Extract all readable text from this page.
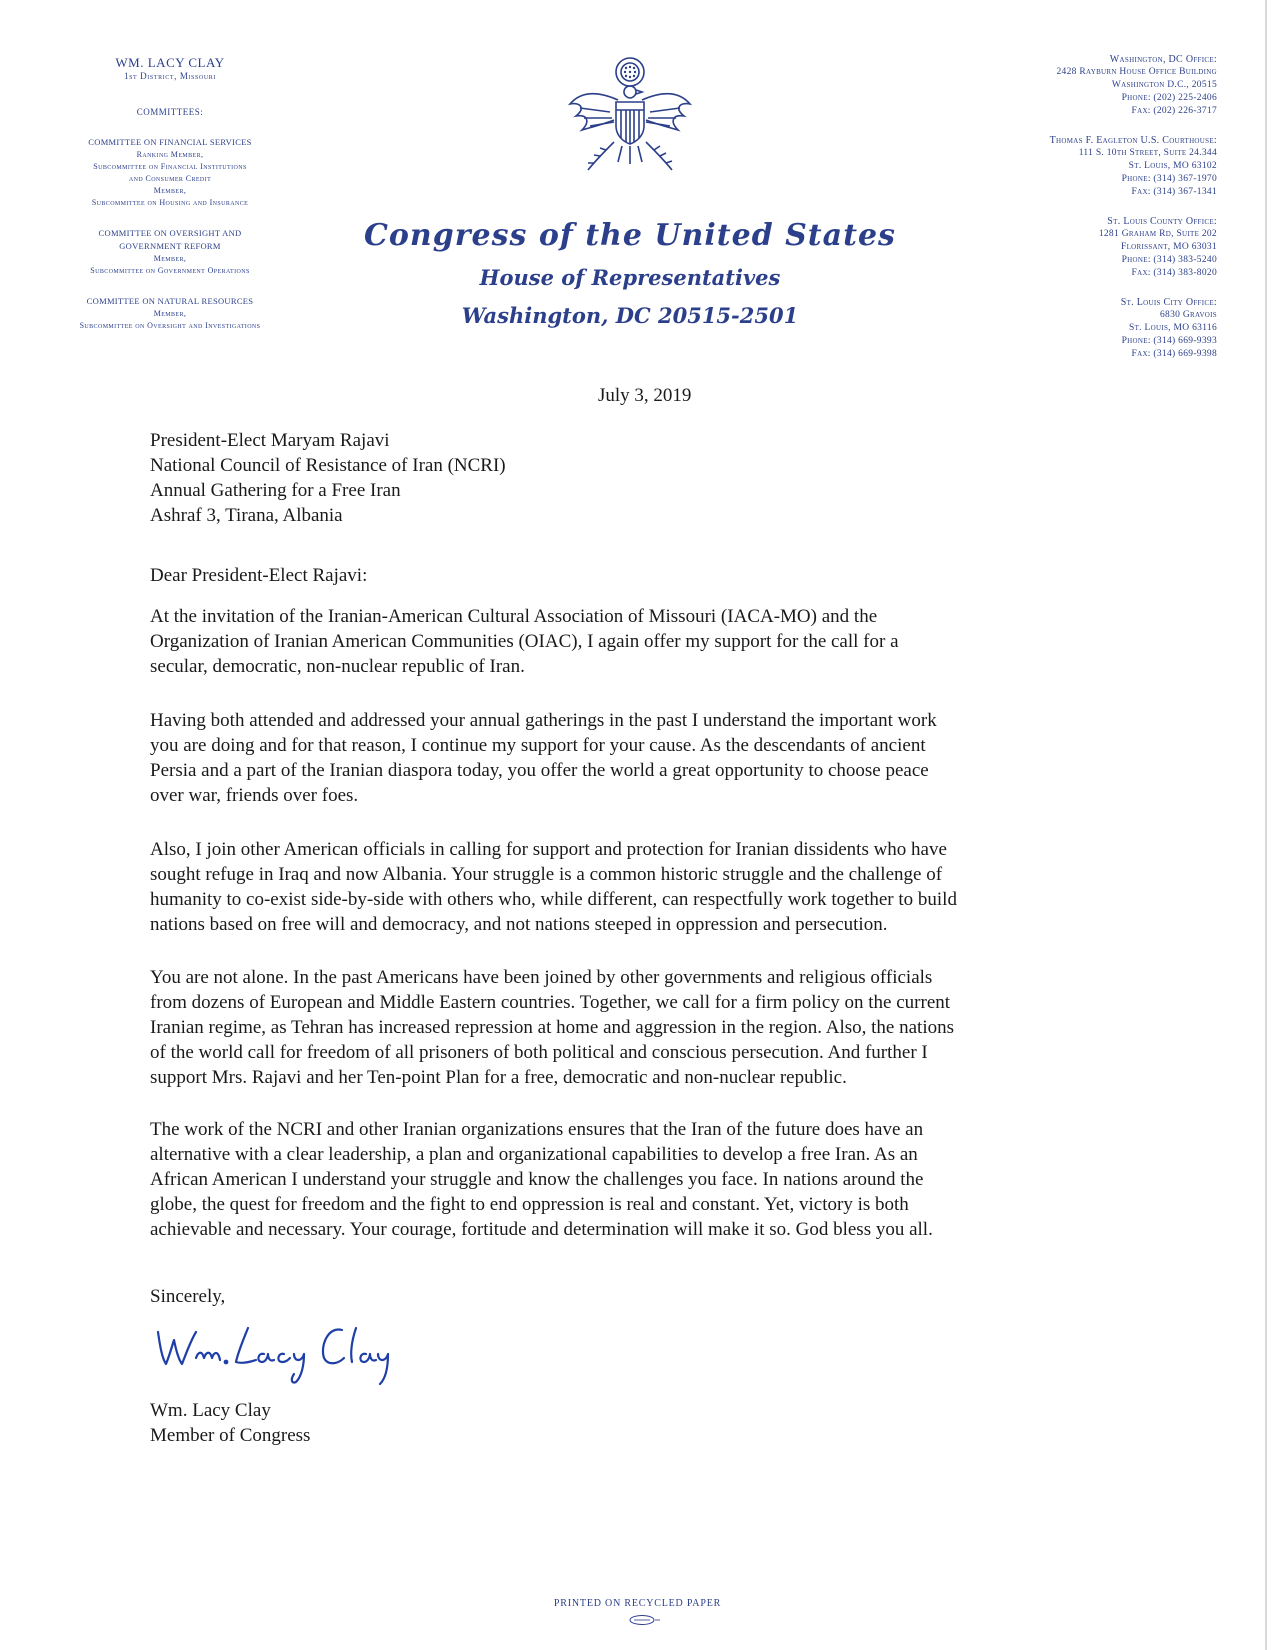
WM. LACY CLAY
1st District, Missouri
COMMITTEES:
COMMITTEE ON FINANCIAL SERVICES
Ranking Member,
Subcommittee on Financial Institutions
and Consumer Credit
Member,
Subcommittee on Housing and Insurance
COMMITTEE ON OVERSIGHT AND
GOVERNMENT REFORM
Member,
Subcommittee on Government Operations
COMMITTEE ON NATURAL RESOURCES
Member,
Subcommittee on Oversight and Investigations
Congress of the United States
House of Representatives
Washington, DC 20515-2501
Washington, DC Office:
2428 Rayburn House Office Building
Washington D.C., 20515
Phone: (202) 225-2406
Fax: (202) 226-3717
Thomas F. Eagleton U.S. Courthouse:
111 S. 10th Street, Suite 24.344
St. Louis, MO 63102
Phone: (314) 367-1970
Fax: (314) 367-1341
St. Louis County Office:
1281 Graham Rd, Suite 202
Florissant, MO 63031
Phone: (314) 383-5240
Fax: (314) 383-8020
St. Louis City Office:
6830 Gravois
St. Louis, MO 63116
Phone: (314) 669-9393
Fax: (314) 669-9398
July 3, 2019
President-Elect Maryam Rajavi
National Council of Resistance of Iran (NCRI)
Annual Gathering for a Free Iran
Ashraf 3, Tirana, Albania
Dear President-Elect Rajavi:
At the invitation of the Iranian-American Cultural Association of Missouri (IACA-MO) and the
Organization of Iranian American Communities (OIAC), I again offer my support for the call for a
secular, democratic, non-nuclear republic of Iran.
Having both attended and addressed your annual gatherings in the past I understand the important work
you are doing and for that reason, I continue my support for your cause. As the descendants of ancient
Persia and a part of the Iranian diaspora today, you offer the world a great opportunity to choose peace
over war, friends over foes.
Also, I join other American officials in calling for support and protection for Iranian dissidents who have
sought refuge in Iraq and now Albania. Your struggle is a common historic struggle and the challenge of
humanity to co-exist side-by-side with others who, while different, can respectfully work together to build
nations based on free will and democracy, and not nations steeped in oppression and persecution.
You are not alone. In the past Americans have been joined by other governments and religious officials
from dozens of European and Middle Eastern countries. Together, we call for a firm policy on the current
Iranian regime, as Tehran has increased repression at home and aggression in the region. Also, the nations
of the world call for freedom of all prisoners of both political and conscious persecution. And further I
support Mrs. Rajavi and her Ten-point Plan for a free, democratic and non-nuclear republic.
The work of the NCRI and other Iranian organizations ensures that the Iran of the future does have an
alternative with a clear leadership, a plan and organizational capabilities to develop a free Iran. As an
African American I understand your struggle and know the challenges you face. In nations around the
globe, the quest for freedom and the fight to end oppression is real and constant. Yet, victory is both
achievable and necessary. Your courage, fortitude and determination will make it so. God bless you all.
Sincerely,
Wm. Lacy Clay
Member of Congress
PRINTED ON RECYCLED PAPER
